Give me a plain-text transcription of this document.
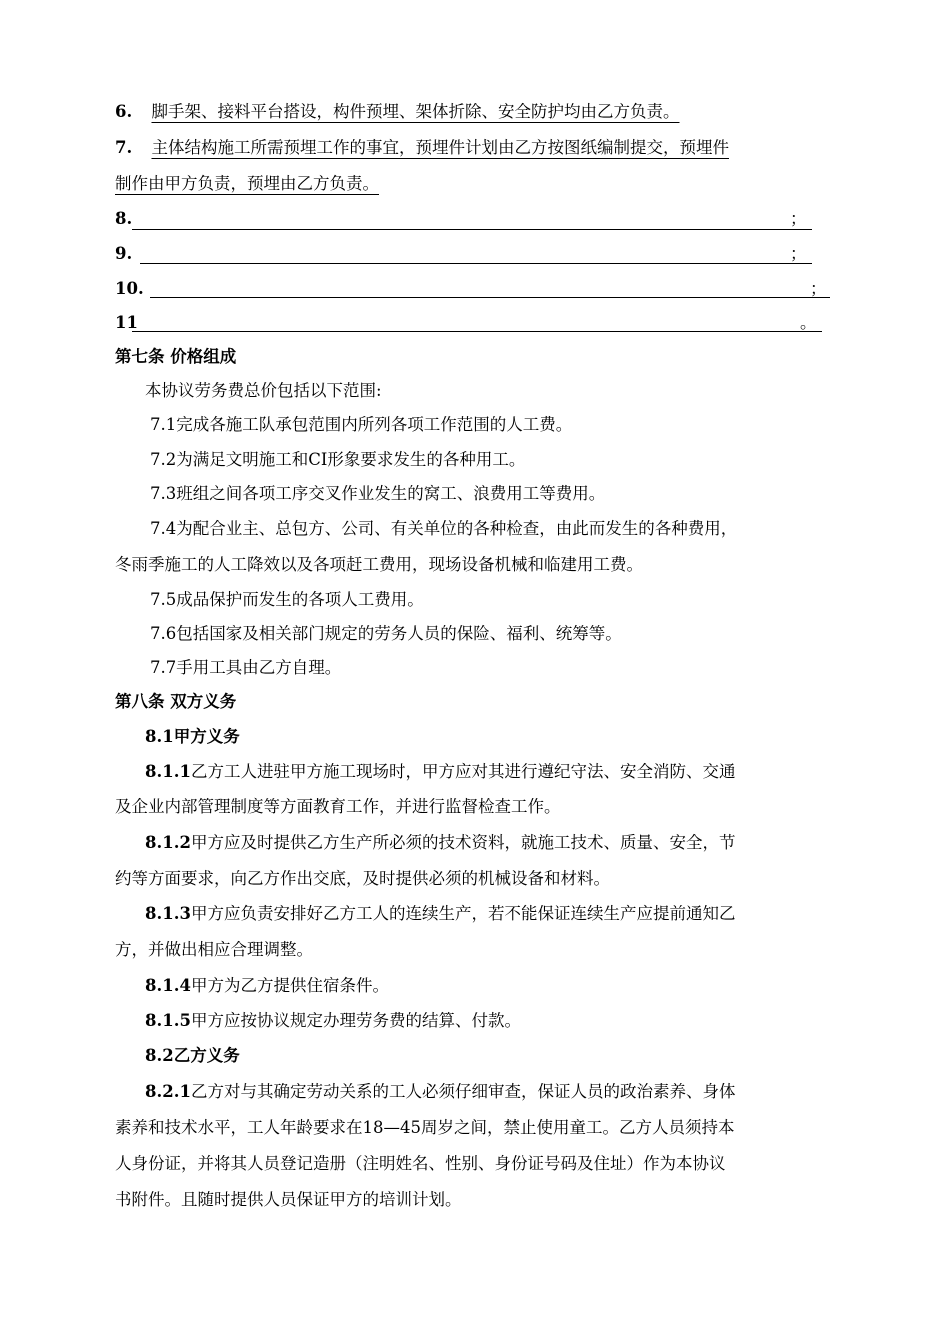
6. 脚手架、接料平台搭设，构件预埋、架体折除、安全防护均由乙方负责。
7. 主体结构施工所需预埋工作的事宜，预埋件计划由乙方按图纸编制提交，预埋件
制作由甲方负责，预埋由乙方负责。
8.	；
9.	；
10.	；
11	。
第七条 价格组成
本协议劳务费总价包括以下范围:
7.1完成各施工队承包范围内所列各项工作范围的人工费。
7.2为满足文明施工和CI形象要求发生的各种用工。
7.3班组之间各项工序交叉作业发生的窝工、浪费用工等费用。
7.4为配合业主、总包方、公司、有关单位的各种检查，由此而发生的各种费用，
冬雨季施工的人工降效以及各项赶工费用，现场设备机械和临建用工费。
7.5成品保护而发生的各项人工费用。
7.6包括国家及相关部门规定的劳务人员的保险、福利、统筹等。
7.7手用工具由乙方自理。
第八条 双方义务
8.1甲方义务
8.1.1乙方工人进驻甲方施工现场时，甲方应对其进行遵纪守法、安全消防、交通
及企业内部管理制度等方面教育工作，并进行监督检查工作。
8.1.2甲方应及时提供乙方生产所必须的技术资料，就施工技术、质量、安全，节
约等方面要求，向乙方作出交底，及时提供必须的机械设备和材料。
8.1.3甲方应负责安排好乙方工人的连续生产，若不能保证连续生产应提前通知乙
方，并做出相应合理调整。
8.1.4甲方为乙方提供住宿条件。
8.1.5甲方应按协议规定办理劳务费的结算、付款。
8.2乙方义务
8.2.1乙方对与其确定劳动关系的工人必须仔细审查，保证人员的政治素养、身体
素养和技术水平，工人年龄要求在18—45周岁之间，禁止使用童工。乙方人员须持本
人身份证，并将其人员登记造册（注明姓名、性别、身份证号码及住址）作为本协议
书附件。且随时提供人员保证甲方的培训计划。
